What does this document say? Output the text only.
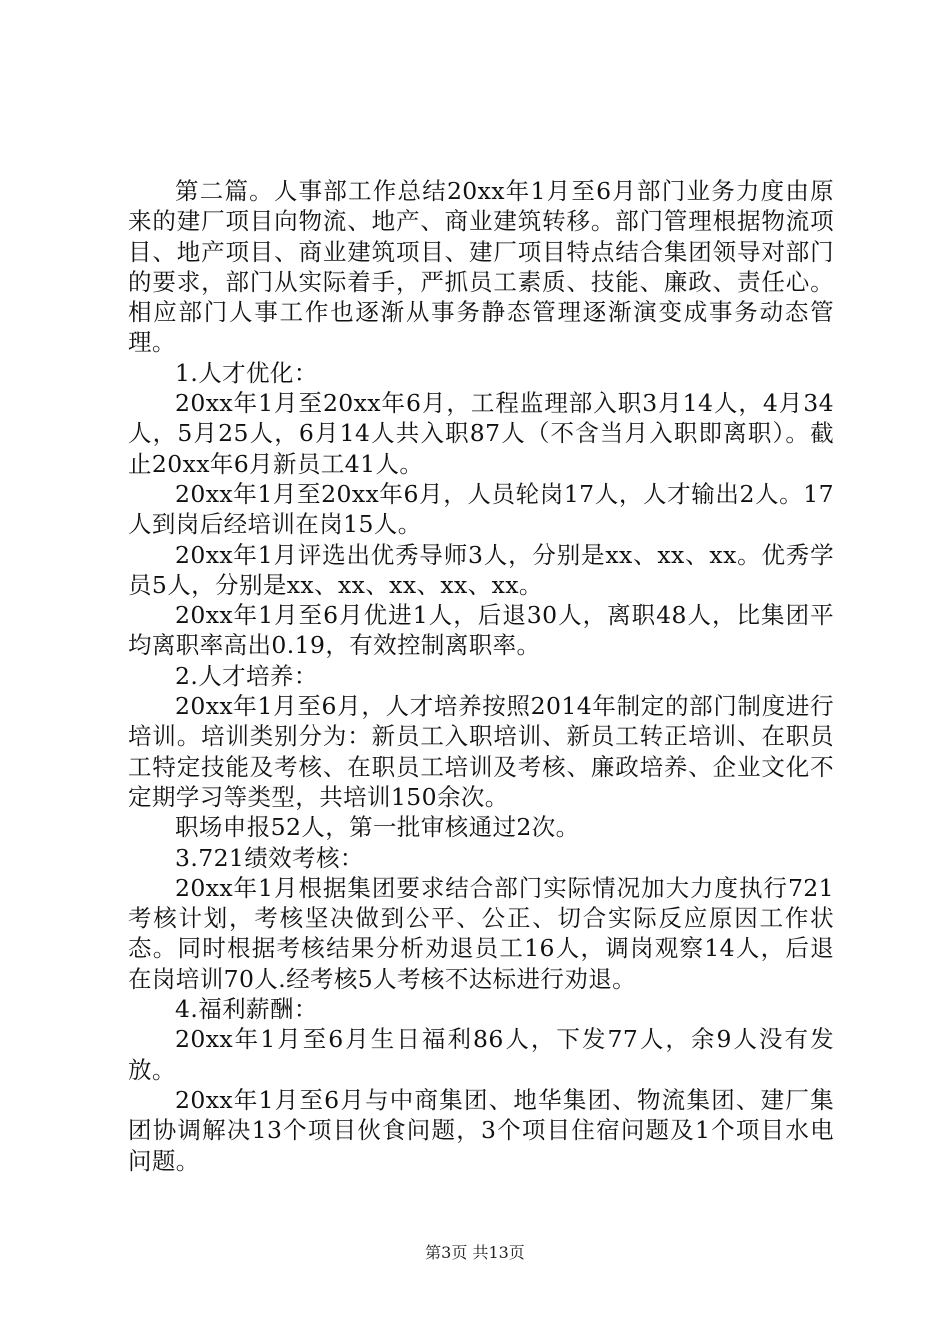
第二篇。人事部工作总结20xx年1月至6月部门业务力度由原来的建厂项目向物流、地产、商业建筑转移。部门管理根据物流项目、地产项目、商业建筑项目、建厂项目特点结合集团领导对部门的要求，部门从实际着手，严抓员工素质、技能、廉政、责任心。相应部门人事工作也逐渐从事务静态管理逐渐演变成事务动态管理。

1.人才优化：

20xx年1月至20xx年6月，工程监理部入职3月14人，4月34人，5月25人，6月14人共入职87人（不含当月入职即离职）。截止20xx年6月新员工41人。

20xx年1月至20xx年6月，人员轮岗17人，人才输出2人。17人到岗后经培训在岗15人。

20xx年1月评选出优秀导师3人，分别是xx、xx、xx。优秀学员5人，分别是xx、xx、xx、xx、xx。

20xx年1月至6月优进1人，后退30人，离职48人，比集团平均离职率高出0.19，有效控制离职率。

2.人才培养：

20xx年1月至6月，人才培养按照2014年制定的部门制度进行培训。培训类别分为：新员工入职培训、新员工转正培训、在职员工特定技能及考核、在职员工培训及考核、廉政培养、企业文化不定期学习等类型，共培训150余次。

职场申报52人，第一批审核通过2次。

3.721绩效考核：

20xx年1月根据集团要求结合部门实际情况加大力度执行721考核计划，考核坚决做到公平、公正、切合实际反应原因工作状态。同时根据考核结果分析劝退员工16人，调岗观察14人，后退在岗培训70人.经考核5人考核不达标进行劝退。

4.福利薪酬：

20xx年1月至6月生日福利86人，下发77人，余9人没有发放。

20xx年1月至6月与中商集团、地华集团、物流集团、建厂集团协调解决13个项目伙食问题，3个项目住宿问题及1个项目水电问题。

第3页 共13页
